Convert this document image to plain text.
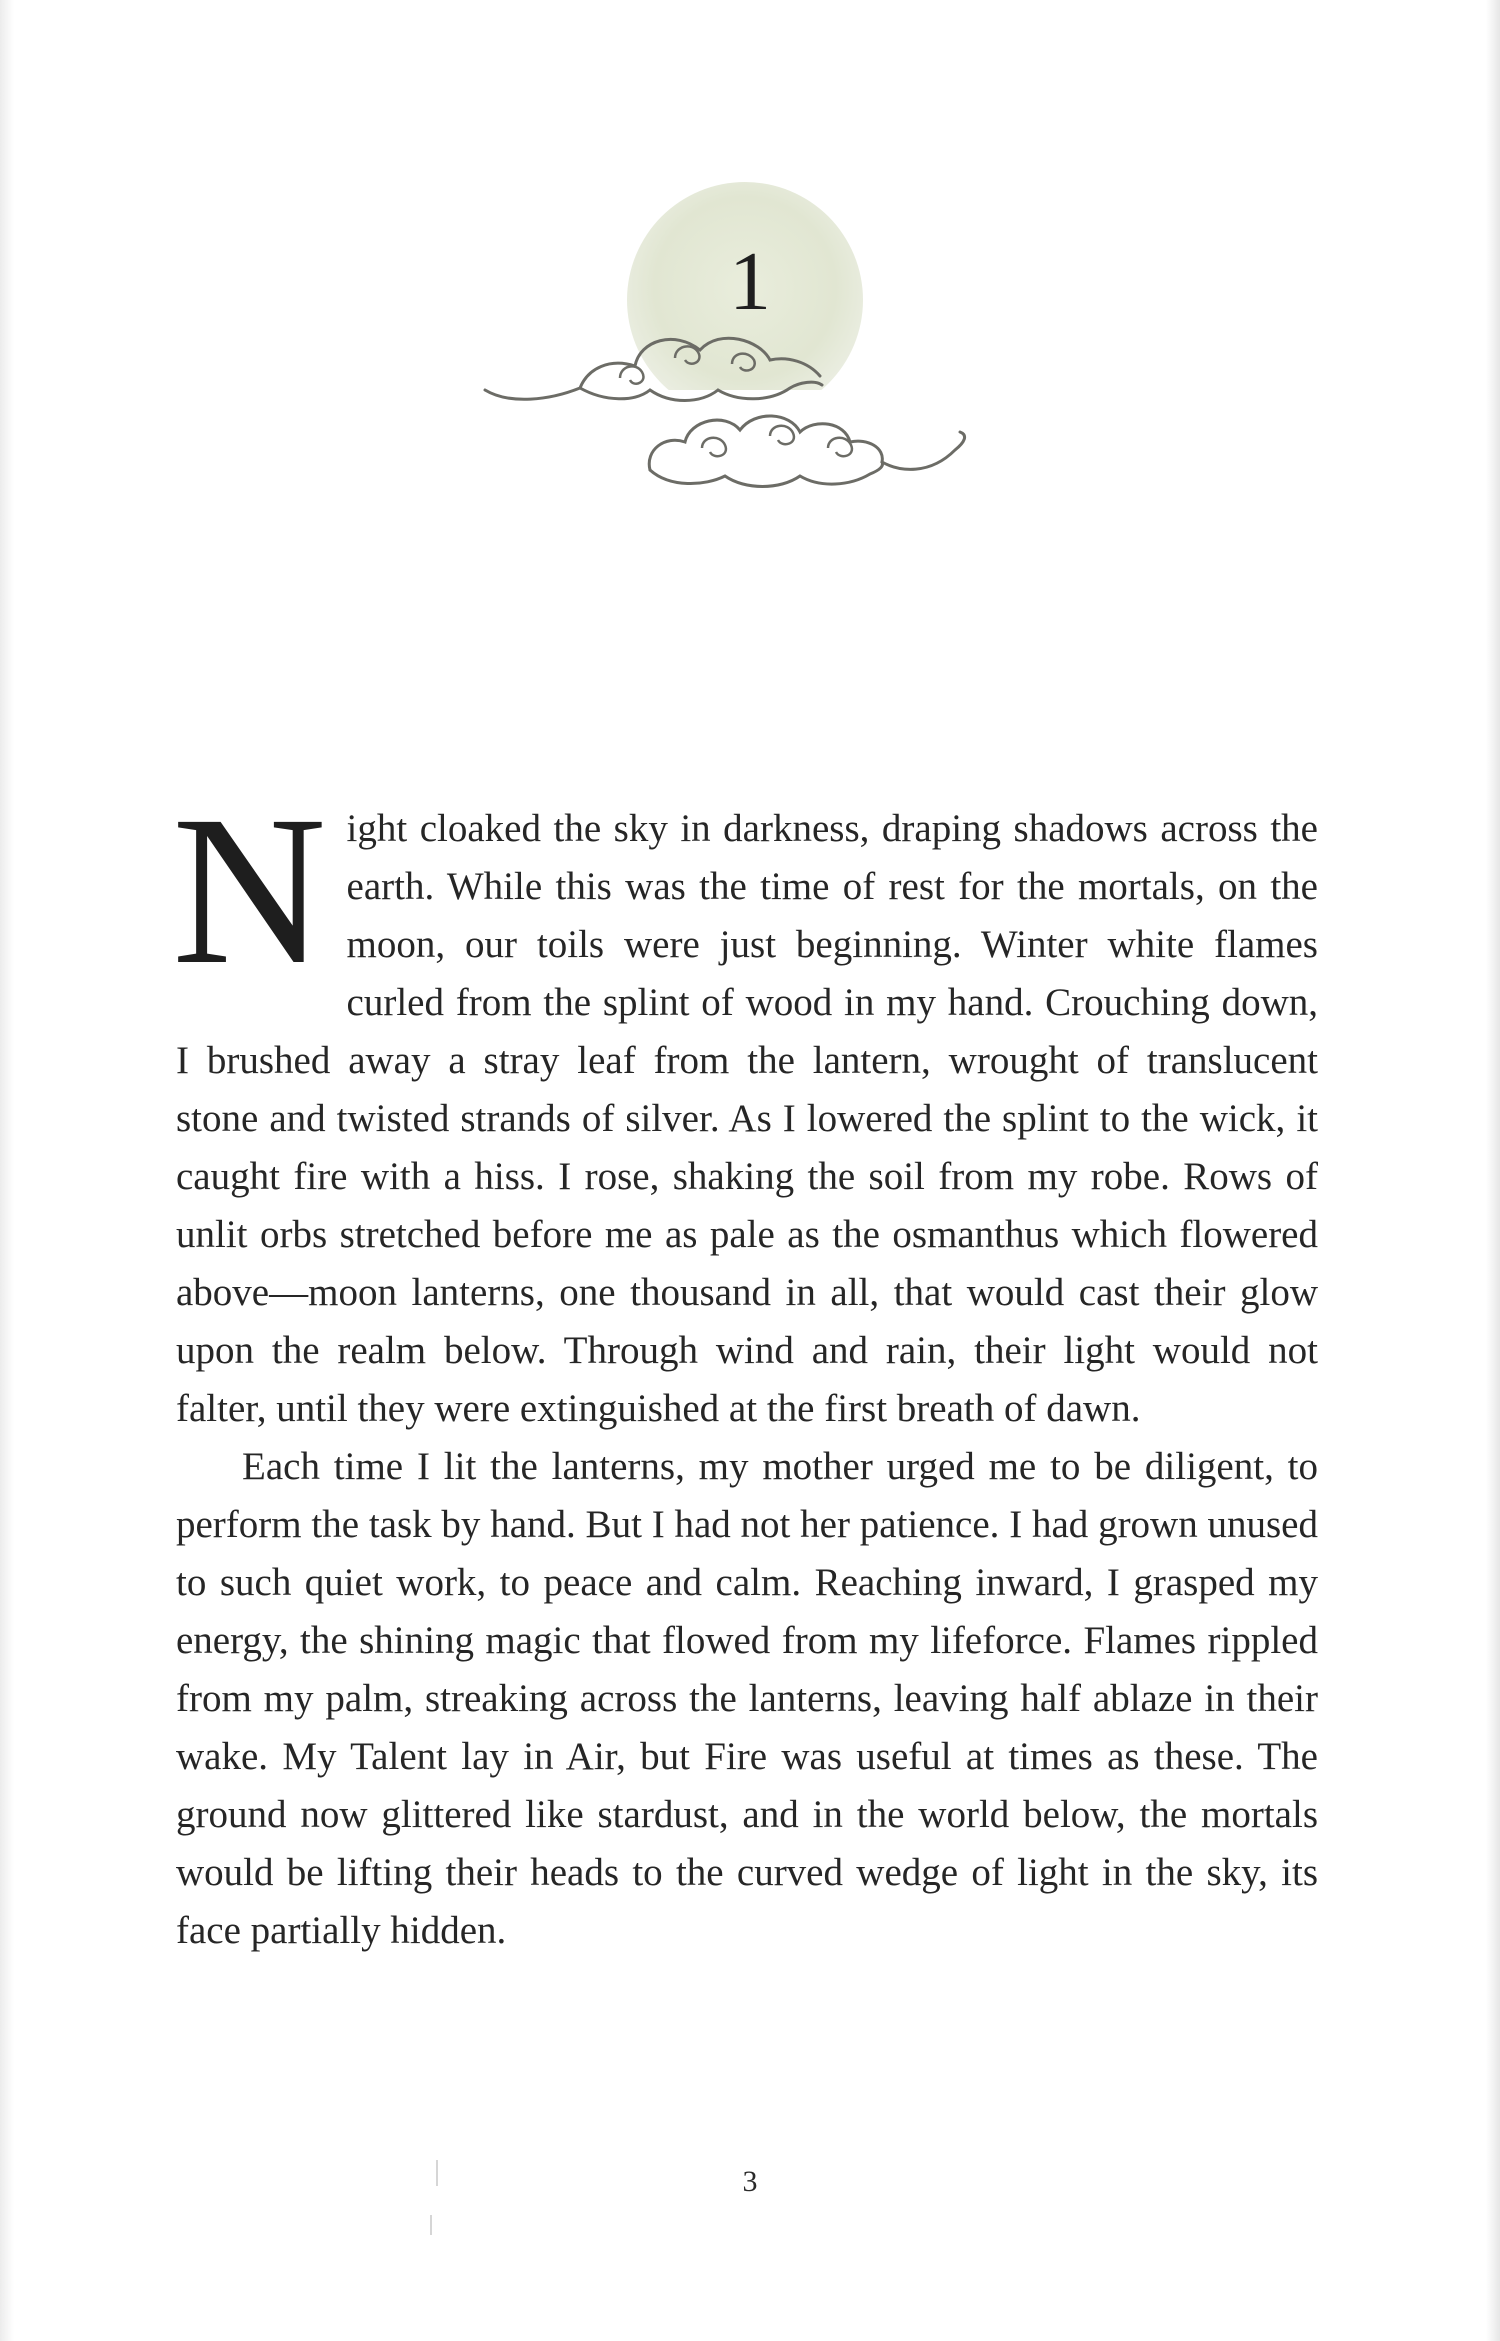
1

Night cloaked the sky in darkness, draping shadows across the earth. While this was the time of rest for the mortals, on the moon, our toils were just beginning. Winter white flames curled from the splint of wood in my hand. Crouching down, I brushed away a stray leaf from the lantern, wrought of translucent stone and twisted strands of silver. As I lowered the splint to the wick, it caught fire with a hiss. I rose, shaking the soil from my robe. Rows of unlit orbs stretched before me as pale as the osmanthus which flowered above—moon lanterns, one thousand in all, that would cast their glow upon the realm below. Through wind and rain, their light would not falter, until they were extinguished at the first breath of dawn.

Each time I lit the lanterns, my mother urged me to be diligent, to perform the task by hand. But I had not her patience. I had grown unused to such quiet work, to peace and calm. Reaching inward, I grasped my energy, the shining magic that flowed from my lifeforce. Flames rippled from my palm, streaking across the lanterns, leaving half ablaze in their wake. My Talent lay in Air, but Fire was useful at times as these. The ground now glittered like stardust, and in the world below, the mortals would be lifting their heads to the curved wedge of light in the sky, its face partially hidden.

3
